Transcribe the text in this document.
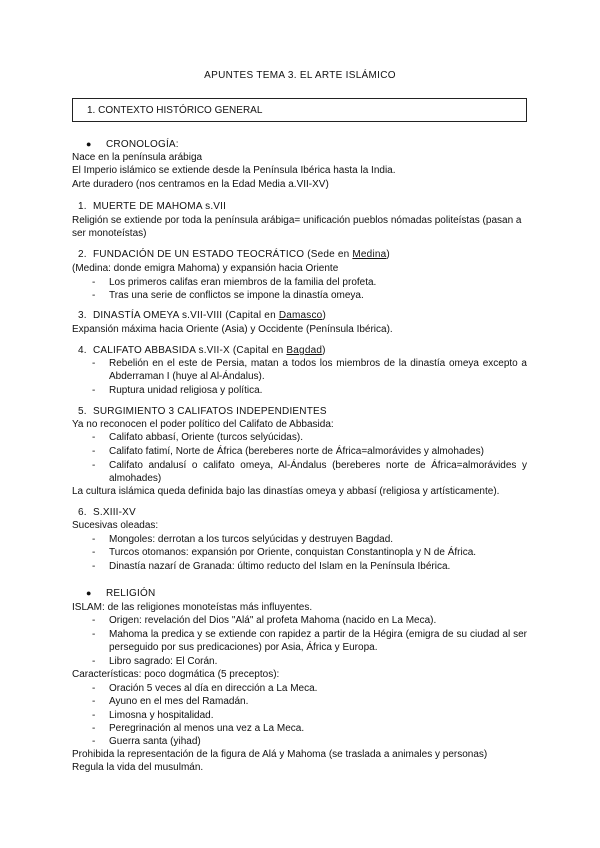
APUNTES TEMA 3. EL ARTE ISLÁMICO
1. CONTEXTO HISTÓRICO GENERAL
● CRONOLOGÍA:
Nace en la península arábiga
El Imperio islámico se extiende desde la Península Ibérica hasta la India.
Arte duradero (nos centramos en la Edad Media a.VII-XV)
1. MUERTE DE MAHOMA s.VII
Religión se extiende por toda la península arábiga= unificación pueblos nómadas politeístas (pasan a
ser monoteístas)
2. FUNDACIÓN DE UN ESTADO TEOCRÁTICO (Sede en Medina)
(Medina: donde emigra Mahoma) y expansión hacia Oriente
- Los primeros califas eran miembros de la familia del profeta.
- Tras una serie de conflictos se impone la dinastía omeya.
3. DINASTÍA OMEYA s.VII-VIII (Capital en Damasco)
Expansión máxima hacia Oriente (Asia) y Occidente (Península Ibérica).
4. CALIFATO ABBASIDA s.VII-X (Capital en Bagdad)
- Rebelión en el este de Persia, matan a todos los miembros de la dinastía omeya excepto a
Abderraman I (huye al Al-Ándalus).
- Ruptura unidad religiosa y política.
5. SURGIMIENTO 3 CALIFATOS INDEPENDIENTES
Ya no reconocen el poder político del Califato de Abbasida:
- Califato abbasí, Oriente (turcos selyúcidas).
- Califato fatimí, Norte de África (bereberes norte de África=almorávides y almohades)
- Califato andalusí o califato omeya, Al-Ándalus (bereberes norte de África=almorávides y
almohades)
La cultura islámica queda definida bajo las dinastías omeya y abbasí (religiosa y artísticamente).
6. S.XIII-XV
Sucesivas oleadas:
- Mongoles: derrotan a los turcos selyúcidas y destruyen Bagdad.
- Turcos otomanos: expansión por Oriente, conquistan Constantinopla y N de África.
- Dinastía nazarí de Granada: último reducto del Islam en la Península Ibérica.
● RELIGIÓN
ISLAM: de las religiones monoteístas más influyentes.
- Origen: revelación del Dios "Alá" al profeta Mahoma (nacido en La Meca).
- Mahoma la predica y se extiende con rapidez a partir de la Hégira (emigra de su ciudad al ser
perseguido por sus predicaciones) por Asia, África y Europa.
- Libro sagrado: El Corán.
Características: poco dogmática (5 preceptos):
- Oración 5 veces al día en dirección a La Meca.
- Ayuno en el mes del Ramadán.
- Limosna y hospitalidad.
- Peregrinación al menos una vez a La Meca.
- Guerra santa (yihad)
Prohibida la representación de la figura de Alá y Mahoma (se traslada a animales y personas)
Regula la vida del musulmán.
